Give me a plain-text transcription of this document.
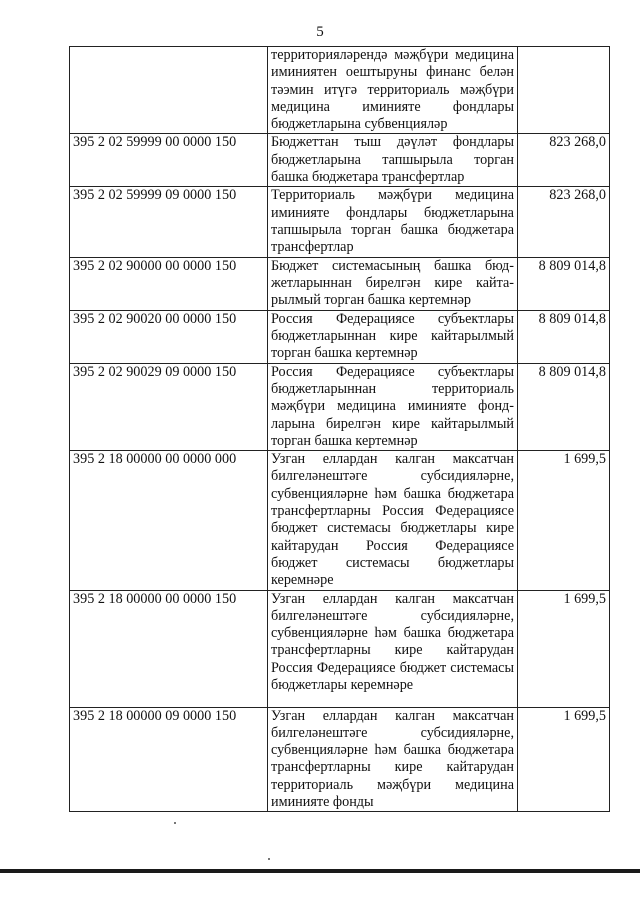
5
	территорияләрендә мәҗбүри медицина иминиятен оештыруны финанс белән тәэмин итүгә территориаль мәҗбүри медицина иминияте фондлары бюджетларына субвенцияләр	
395 2 02 59999 00 0000 150	Бюджеттан тыш дәүләт фондлары бюджетларына тапшырыла торган башка бюджетара трансфертлар	823 268,0
395 2 02 59999 09 0000 150	Территориаль мәҗбүри медицина иминияте фондлары бюджетларына тапшырыла торган башка бюджетара трансфертлар	823 268,0
395 2 02 90000 00 0000 150	Бюджет системасының башка бюджетларыннан бирелгән кире кайтарылмый торган башка кертемнәр	8 809 014,8
395 2 02 90020 00 0000 150	Россия Федерациясе субъектлары бюджетларыннан кире кайтарылмый торган башка кертемнәр	8 809 014,8
395 2 02 90029 09 0000 150	Россия Федерациясе субъектлары бюджетларыннан территориаль мәҗбүри медицина иминияте фондларына бирелгән кире кайтарылмый торган башка кертемнәр	8 809 014,8
395 2 18 00000 00 0000 000	Узган еллардан калган максатчан билгеләнештәге субсидияләрне, субвенцияләрне һәм башка бюджетара трансфертларны Россия Федерациясе бюджет системасы бюджетлары кире кайтарудан Россия Федерациясе бюджет системасы бюджетлары керемнәре	1 699,5
395 2 18 00000 00 0000 150	Узган еллардан калган максатчан билгеләнештәге субсидияләрне, субвенцияләрне һәм башка бюджетара трансфертларны кире кайтарудан Россия Федерациясе бюджет системасы бюджетлары керемнәре	1 699,5
395 2 18 00000 09 0000 150	Узган еллардан калган максатчан билгеләнештәге субсидияләрне, субвенцияләрне һәм башка бюджетара трансфертларны кире кайтарудан территориаль мәҗбүри медицина иминияте фонды	1 699,5
